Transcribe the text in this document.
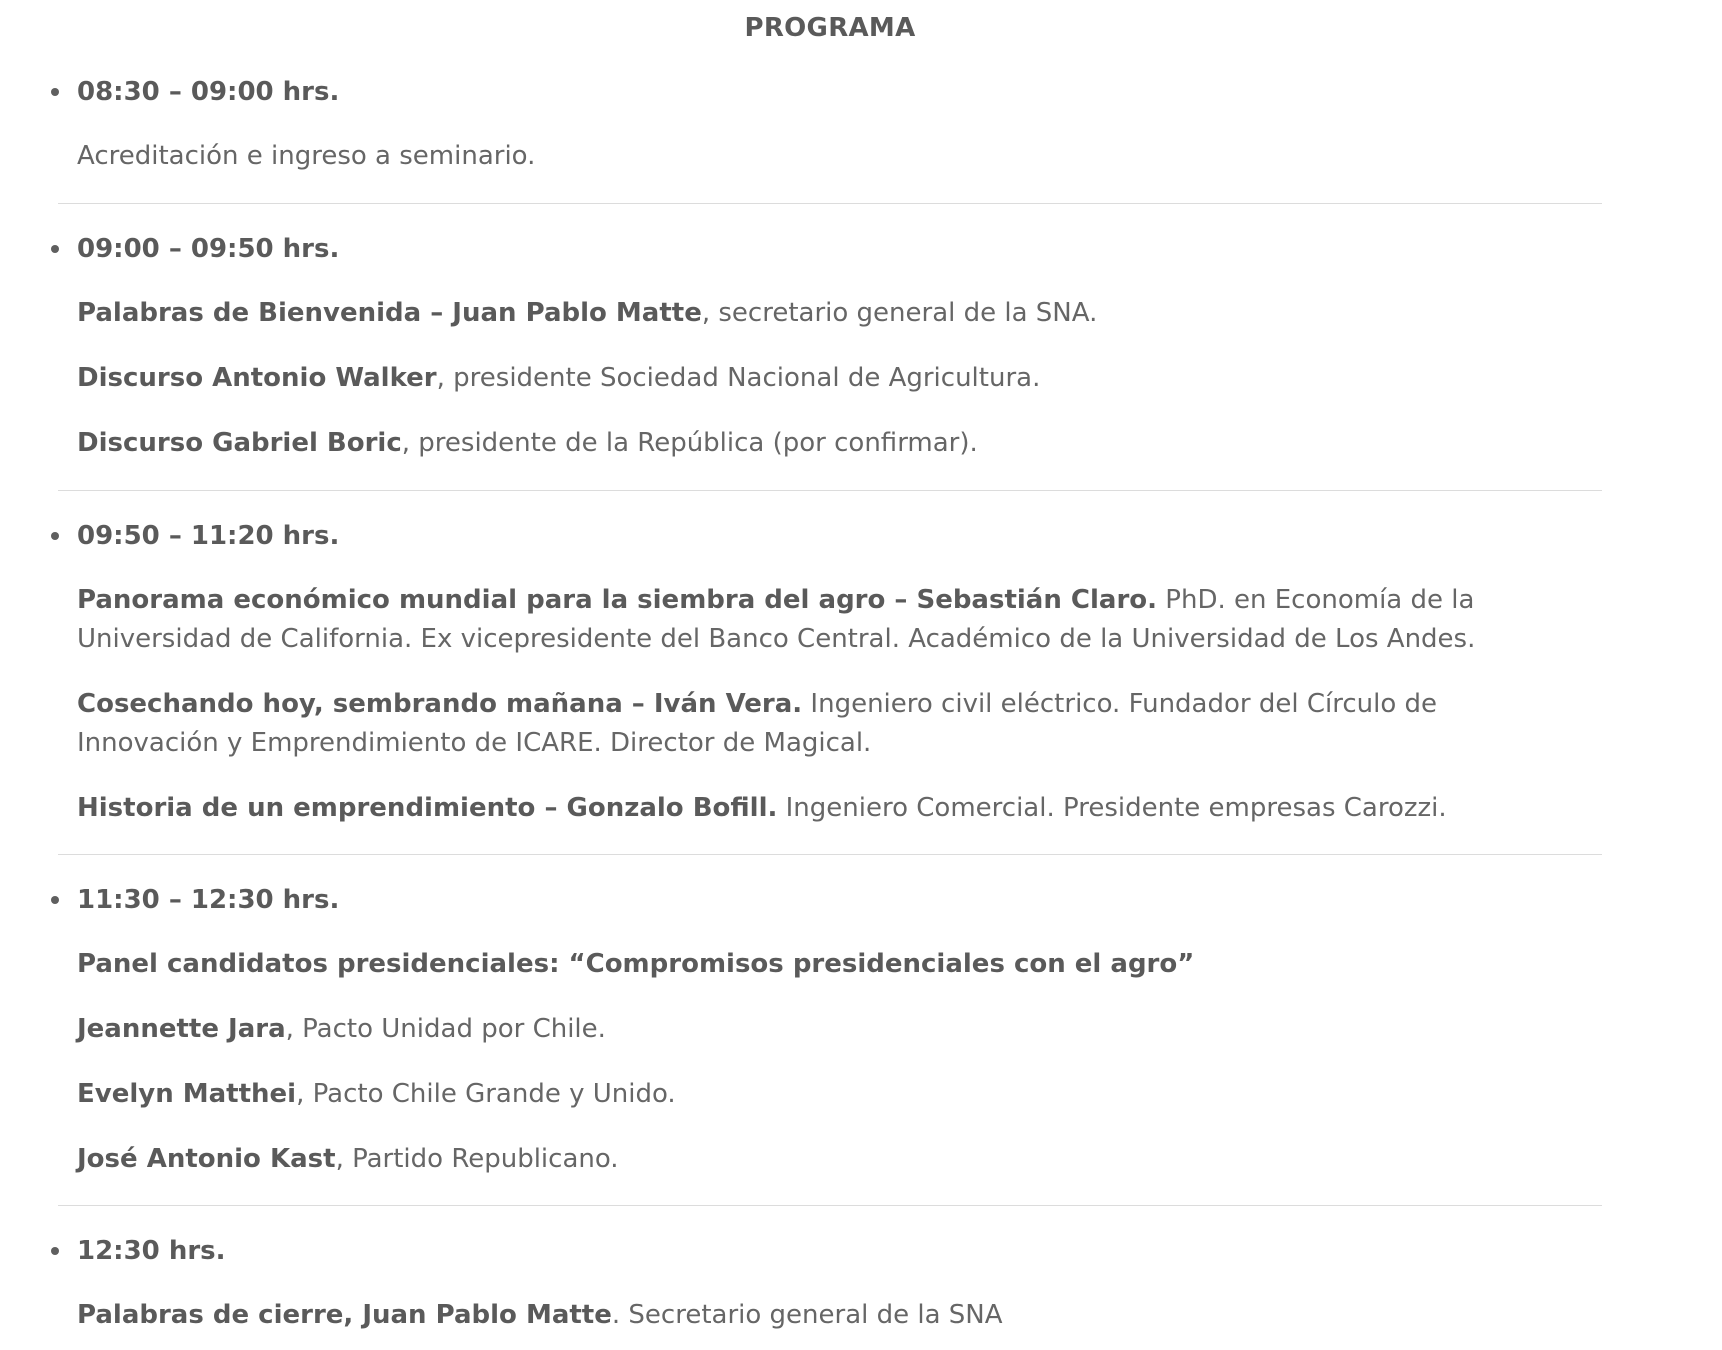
PROGRAMA
08:30 – 09:00 hrs.
Acreditación e ingreso a seminario.
09:00 – 09:50 hrs.
Palabras de Bienvenida – Juan Pablo Matte, secretario general de la SNA.
Discurso Antonio Walker, presidente Sociedad Nacional de Agricultura.
Discurso Gabriel Boric, presidente de la República (por confirmar).
09:50 – 11:20 hrs.
Panorama económico mundial para la siembra del agro – Sebastián Claro. PhD. en Economía de la Universidad de California. Ex vicepresidente del Banco Central. Académico de la Universidad de Los Andes.
Cosechando hoy, sembrando mañana – Iván Vera. Ingeniero civil eléctrico. Fundador del Círculo de Innovación y Emprendimiento de ICARE. Director de Magical.
Historia de un emprendimiento – Gonzalo Bofill. Ingeniero Comercial. Presidente empresas Carozzi.
11:30 – 12:30 hrs.
Panel candidatos presidenciales: “Compromisos presidenciales con el agro”
Jeannette Jara, Pacto Unidad por Chile.
Evelyn Matthei, Pacto Chile Grande y Unido.
José Antonio Kast, Partido Republicano.
12:30 hrs.
Palabras de cierre, Juan Pablo Matte. Secretario general de la SNA
